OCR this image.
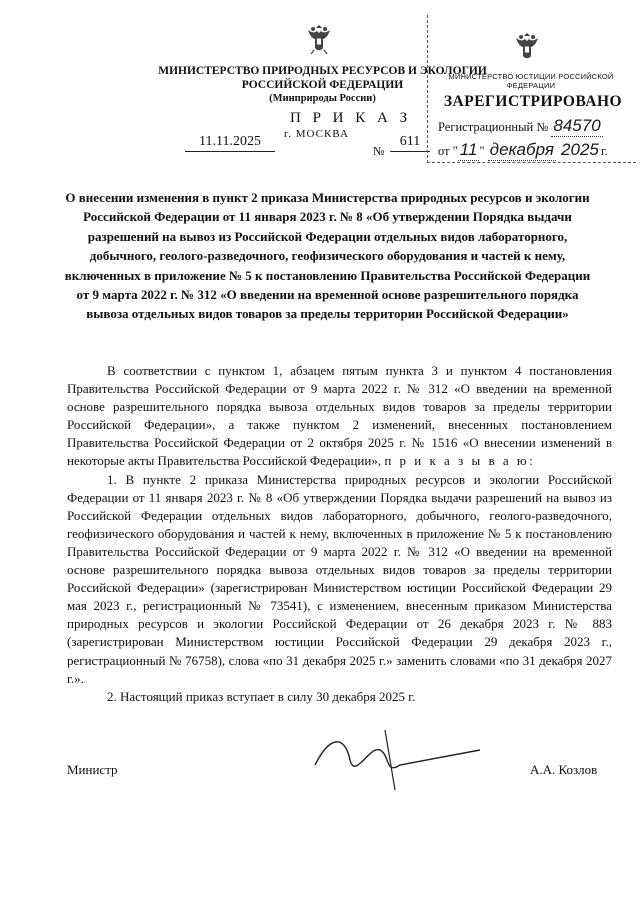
МИНИСТЕРСТВО ПРИРОДНЫХ РЕСУРСОВ И ЭКОЛОГИИ
РОССИЙСКОЙ ФЕДЕРАЦИИ
(Минприроды России)
П Р И К А З
11.11.2025	г. МОСКВА
№
611
МИНИСТЕРСТВО ЮСТИЦИИ РОССИЙСКОЙ ФЕДЕРАЦИИ
ЗАРЕГИСТРИРОВАНО
Регистрационный № 84570
от " 11 " декабря 2025 г.
О внесении изменения в пункт 2 приказа Министерства природных ресурсов и экологии Российской Федерации от 11 января 2023 г. № 8 «Об утверждении Порядка выдачи разрешений на вывоз из Российской Федерации отдельных видов лабораторного, добычного, геолого-разведочного, геофизического оборудования и частей к нему, включенных в приложение № 5 к постановлению Правительства Российской Федерации от 9 марта 2022 г. № 312 «О введении на временной основе разрешительного порядка вывоза отдельных видов товаров за пределы территории Российской Федерации»

В соответствии с пунктом 1, абзацем пятым пункта 3 и пунктом 4 постановления Правительства Российской Федерации от 9 марта 2022 г. № 312 «О введении на временной основе разрешительного порядка вывоза отдельных видов товаров за пределы территории Российской Федерации», а также пунктом 2 изменений, внесенных постановлением Правительства Российской Федерации от 2 октября 2025 г. № 1516 «О внесении изменений в некоторые акты Правительства Российской Федерации», п р и к а з ы в а ю:

1. В пункте 2 приказа Министерства природных ресурсов и экологии Российской Федерации от 11 января 2023 г. № 8 «Об утверждении Порядка выдачи разрешений на вывоз из Российской Федерации отдельных видов лабораторного, добычного, геолого-разведочного, геофизического оборудования и частей к нему, включенных в приложение № 5 к постановлению Правительства Российской Федерации от 9 марта 2022 г. № 312 «О введении на временной основе разрешительного порядка вывоза отдельных видов товаров за пределы территории Российской Федерации» (зарегистрирован Министерством юстиции Российской Федерации 29 мая 2023 г., регистрационный № 73541), с изменением, внесенным приказом Министерства природных ресурсов и экологии Российской Федерации от 26 декабря 2023 г. № 883 (зарегистрирован Министерством юстиции Российской Федерации 29 декабря 2023 г., регистрационный № 76758), слова «по 31 декабря 2025 г.» заменить словами «по 31 декабря 2027 г.».

2. Настоящий приказ вступает в силу 30 декабря 2025 г.

Министр	А.А. Козлов
